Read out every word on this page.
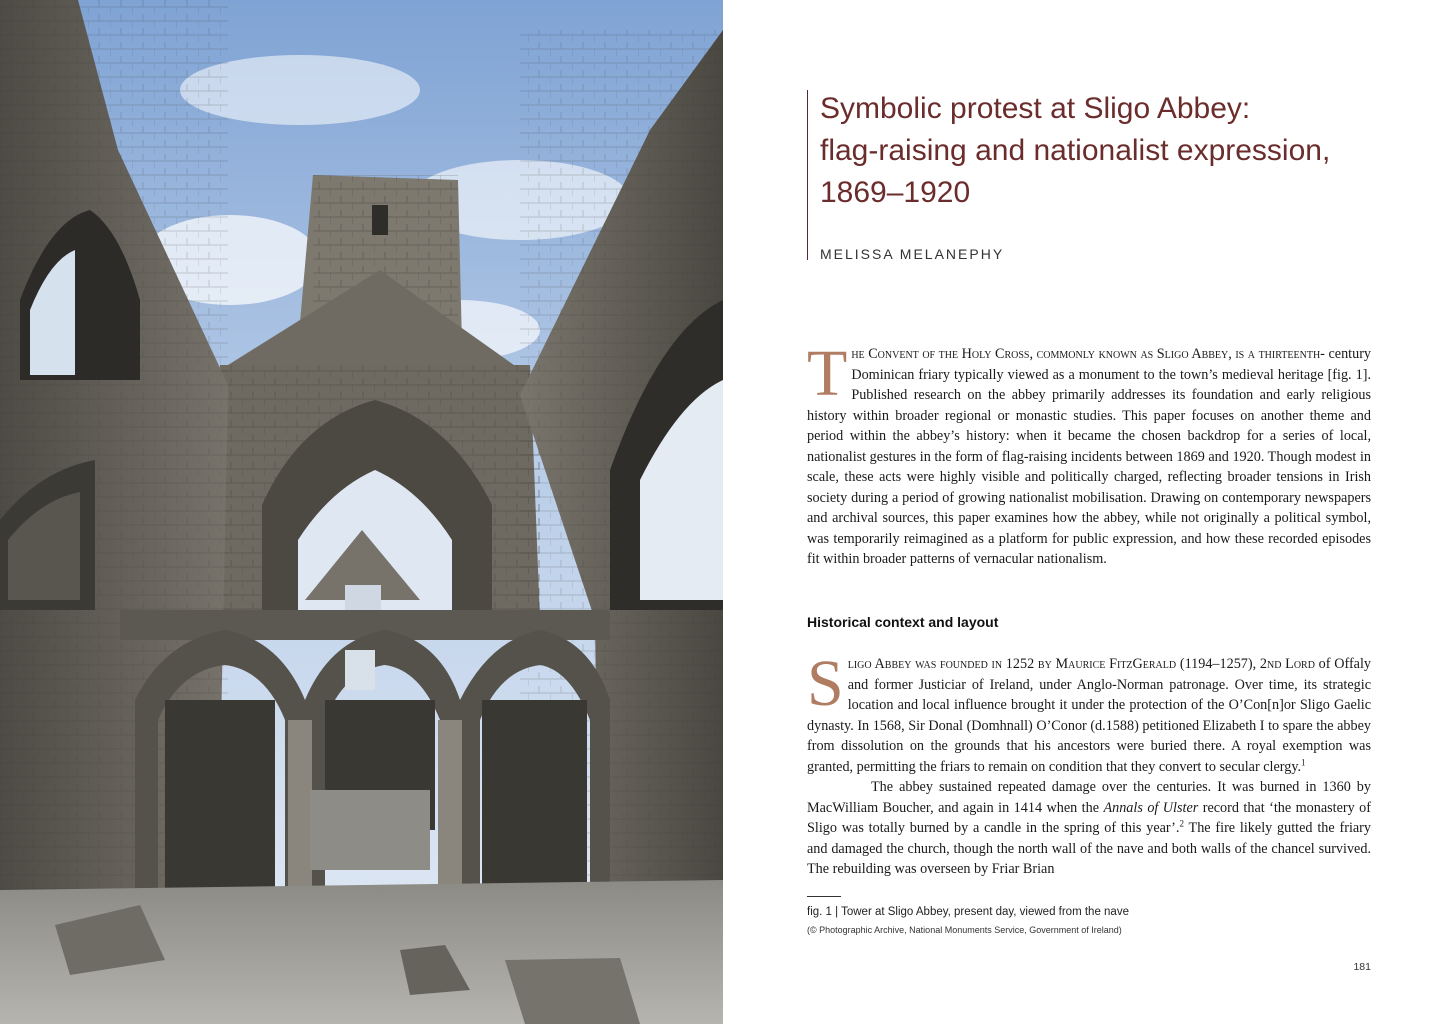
Symbolic protest at Sligo Abbey:
flag-raising and nationalist expression,
1869–1920
MELISSA MELANEPHY

The Convent of the Holy Cross, commonly known as Sligo Abbey, is a thirteenth- century Dominican friary typically viewed as a monument to the town’s medieval heritage [fig. 1]. Published research on the abbey primarily addresses its foundation and early religious history within broader regional or monastic studies. This paper focuses on another theme and period within the abbey’s history: when it became the chosen backdrop for a series of local, nationalist gestures in the form of flag-raising incidents between 1869 and 1920. Though modest in scale, these acts were highly visible and politically charged, reflecting broader tensions in Irish society during a period of growing nationalist mobilisation. Drawing on contemporary newspapers and archival sources, this paper examines how the abbey, while not originally a political symbol, was temporarily reimagined as a platform for public expression, and how these recorded episodes fit within broader patterns of vernacular nationalism.

Historical context and layout

Sligo Abbey was founded in 1252 by Maurice FitzGerald (1194–1257), 2nd Lord of Offaly and former Justiciar of Ireland, under Anglo-Norman patronage. Over time, its strategic location and local influence brought it under the protection of the O’Con[n]or Sligo Gaelic dynasty. In 1568, Sir Donal (Domhnall) O’Conor (d.1588) petitioned Elizabeth I to spare the abbey from dissolution on the grounds that his ancestors were buried there. A royal exemption was granted, permitting the friars to remain on condition that they convert to secular clergy.$^1$

The abbey sustained repeated damage over the centuries. It was burned in 1360 by MacWilliam Boucher, and again in 1414 when the Annals of Ulster record that ‘the monastery of Sligo was totally burned by a candle in the spring of this year’.$^2$ The fire likely gutted the friary and damaged the church, though the north wall of the nave and both walls of the chancel survived. The rebuilding was overseen by Friar Brian

fig. 1 | Tower at Sligo Abbey, present day, viewed from the nave
(© Photographic Archive, National Monuments Service, Government of Ireland)
181
